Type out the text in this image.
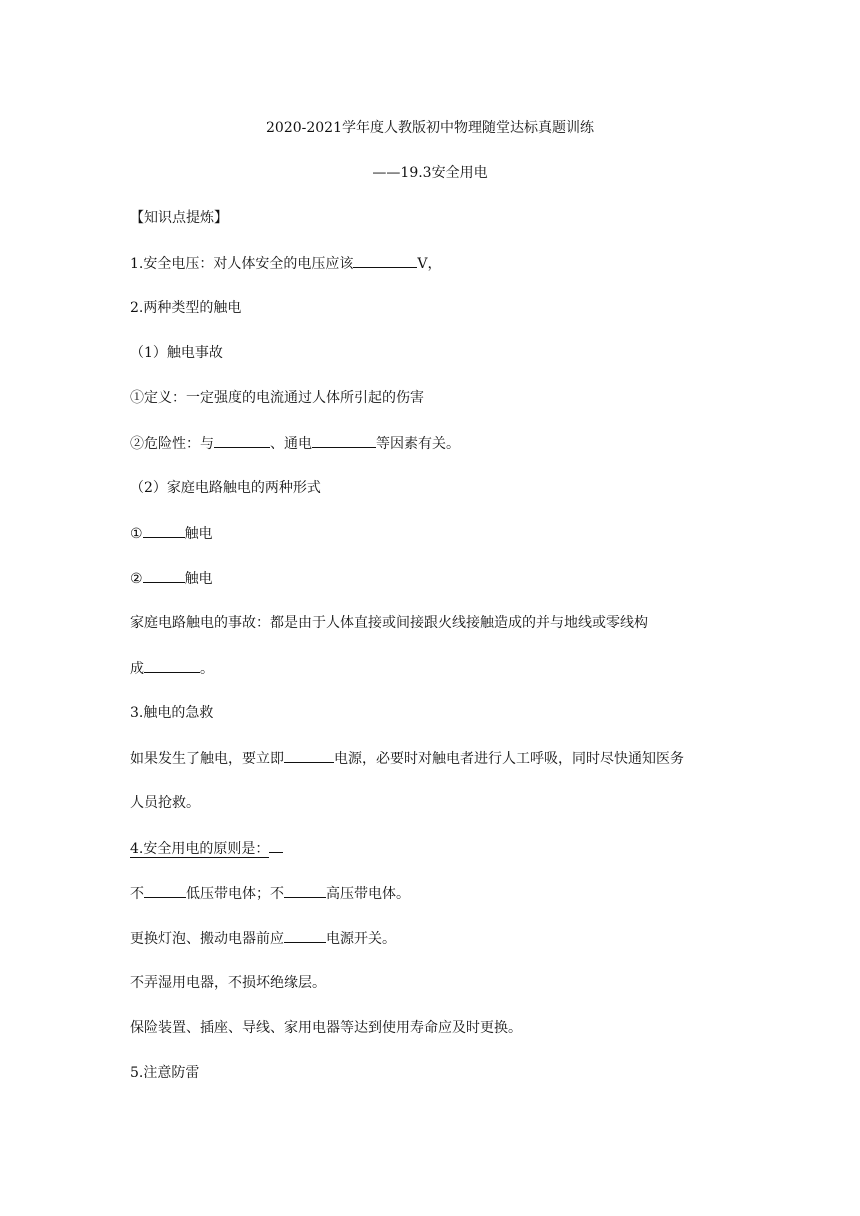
2020-2021学年度人教版初中物理随堂达标真题训练
——19.3安全用电
【知识点提炼】
1.安全电压：对人体安全的电压应该	V，
2.两种类型的触电
（1）触电事故
①定义：一定强度的电流通过人体所引起的伤害
②危险性：与	、通电	等因素有关。
（2）家庭电路触电的两种形式
①	触电
②	触电
家庭电路触电的事故：都是由于人体直接或间接跟火线接触造成的并与地线或零线构
成	。
3.触电的急救
如果发生了触电，要立即	电源，必要时对触电者进行人工呼吸，同时尽快通知医务
人员抢救。
4.安全用电的原则是：
不	低压带电体；不	高压带电体。
更换灯泡、搬动电器前应	电源开关。
不弄湿用电器，不损坏绝缘层。
保险装置、插座、导线、家用电器等达到使用寿命应及时更换。
5.注意防雷
